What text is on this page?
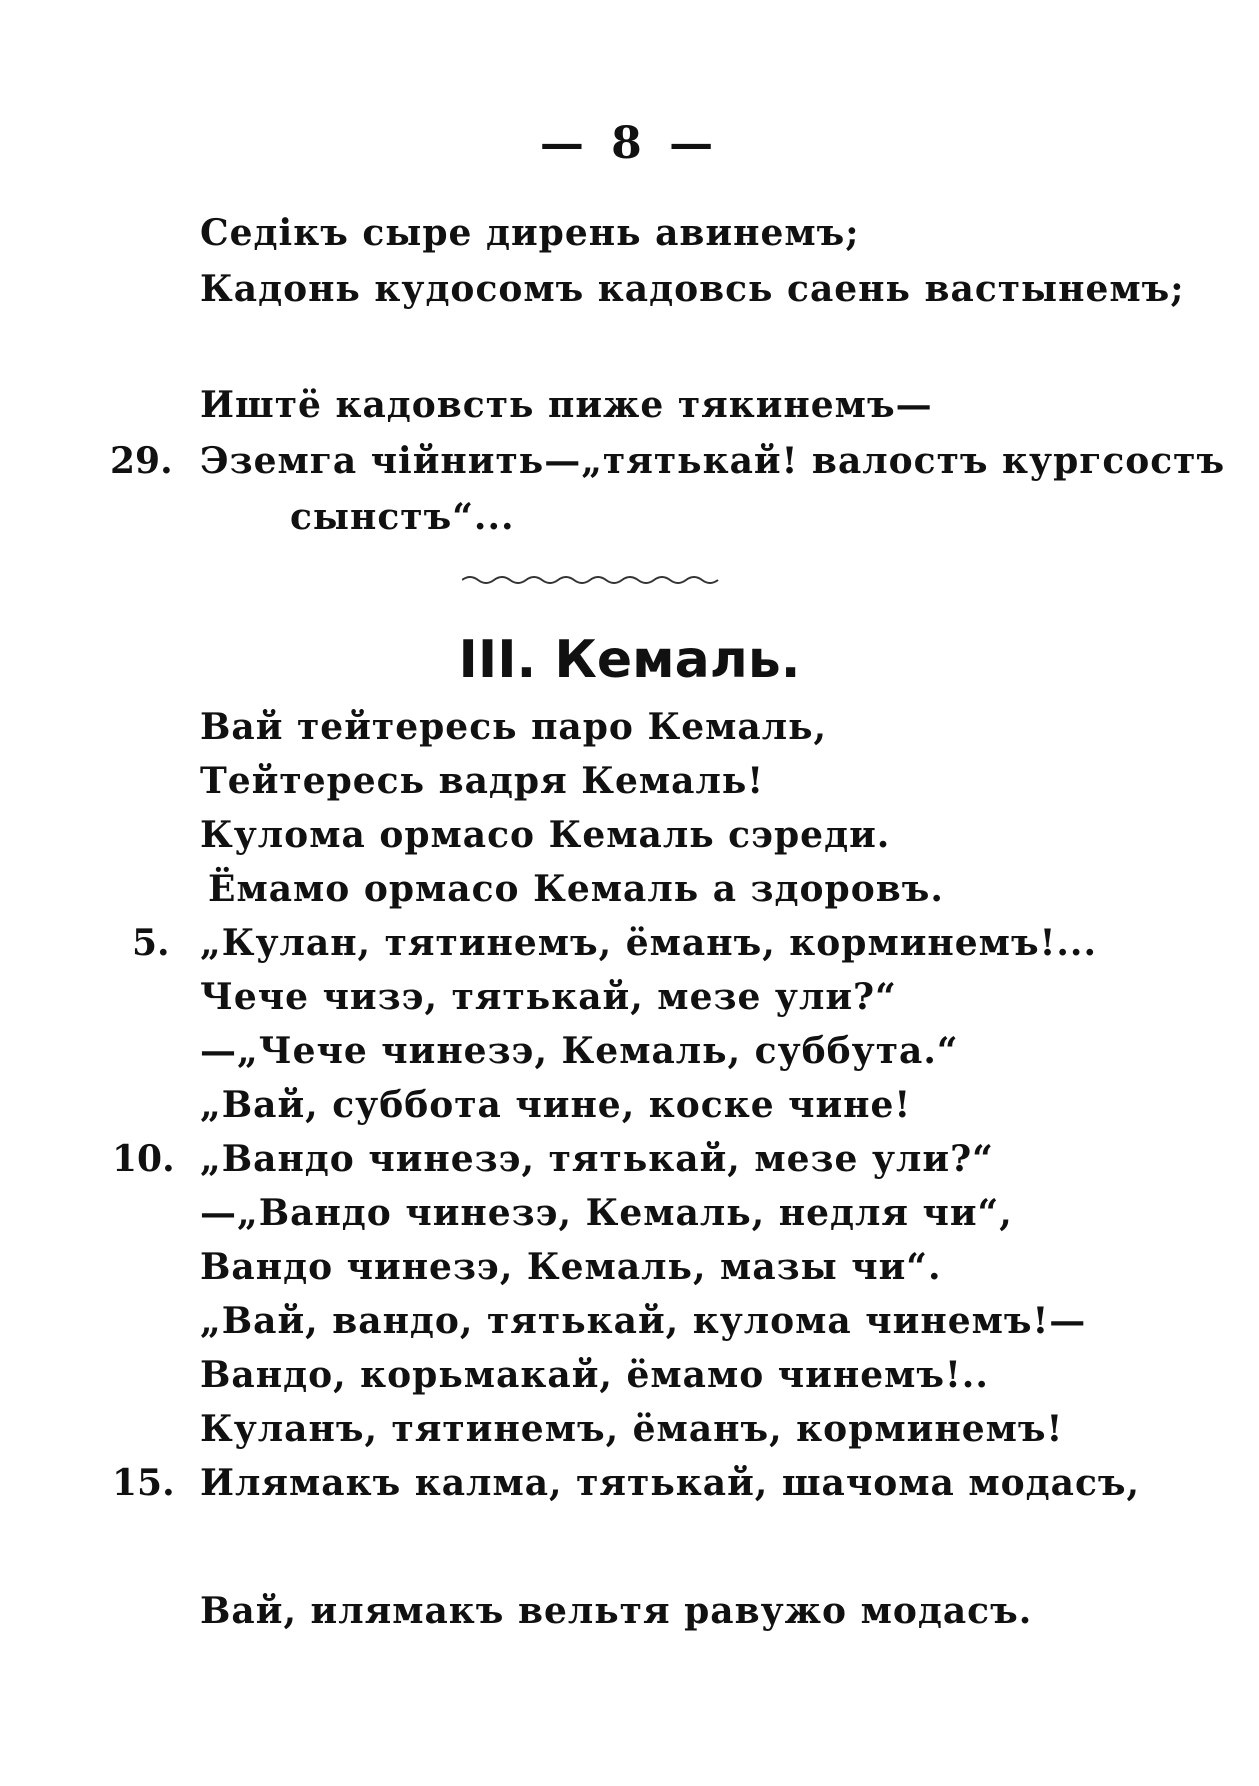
— 8 —
Седікъ сыре дирень авинемъ;
Кадонь кудосомъ кадовсь саень вастынемъ;
Иштё кадовсть пиже тякинемъ—
29. Эземга чійнить—„тятькай! валостъ кургсостъ
сынстъ“...
III. Кемаль.
Вай тейтересь паро Кемаль,
Тейтересь вадря Кемаль!
Кулома ормасо Кемаль сэреди.
Ёмамо ормасо Кемаль а здоровъ.
5. „Кулан, тятинемъ, ёманъ, корминемъ!...
Чече чизэ, тятькай, мезе ули?“
—„Чече чинезэ, Кемаль, суббута.“
„Вай, суббота чине, коске чине!
10. „Вандо чинезэ, тятькай, мезе ули?“
—„Вандо чинезэ, Кемаль, недля чи“,
Вандо чинезэ, Кемаль, мазы чи“.
„Вай, вандо, тятькай, кулома чинемъ!—
Вандо, корьмакай, ёмамо чинемъ!..
Куланъ, тятинемъ, ёманъ, корминемъ!
15. Илямакъ калма, тятькай, шачома модасъ,
Вай, илямакъ вельтя равужо модасъ.
